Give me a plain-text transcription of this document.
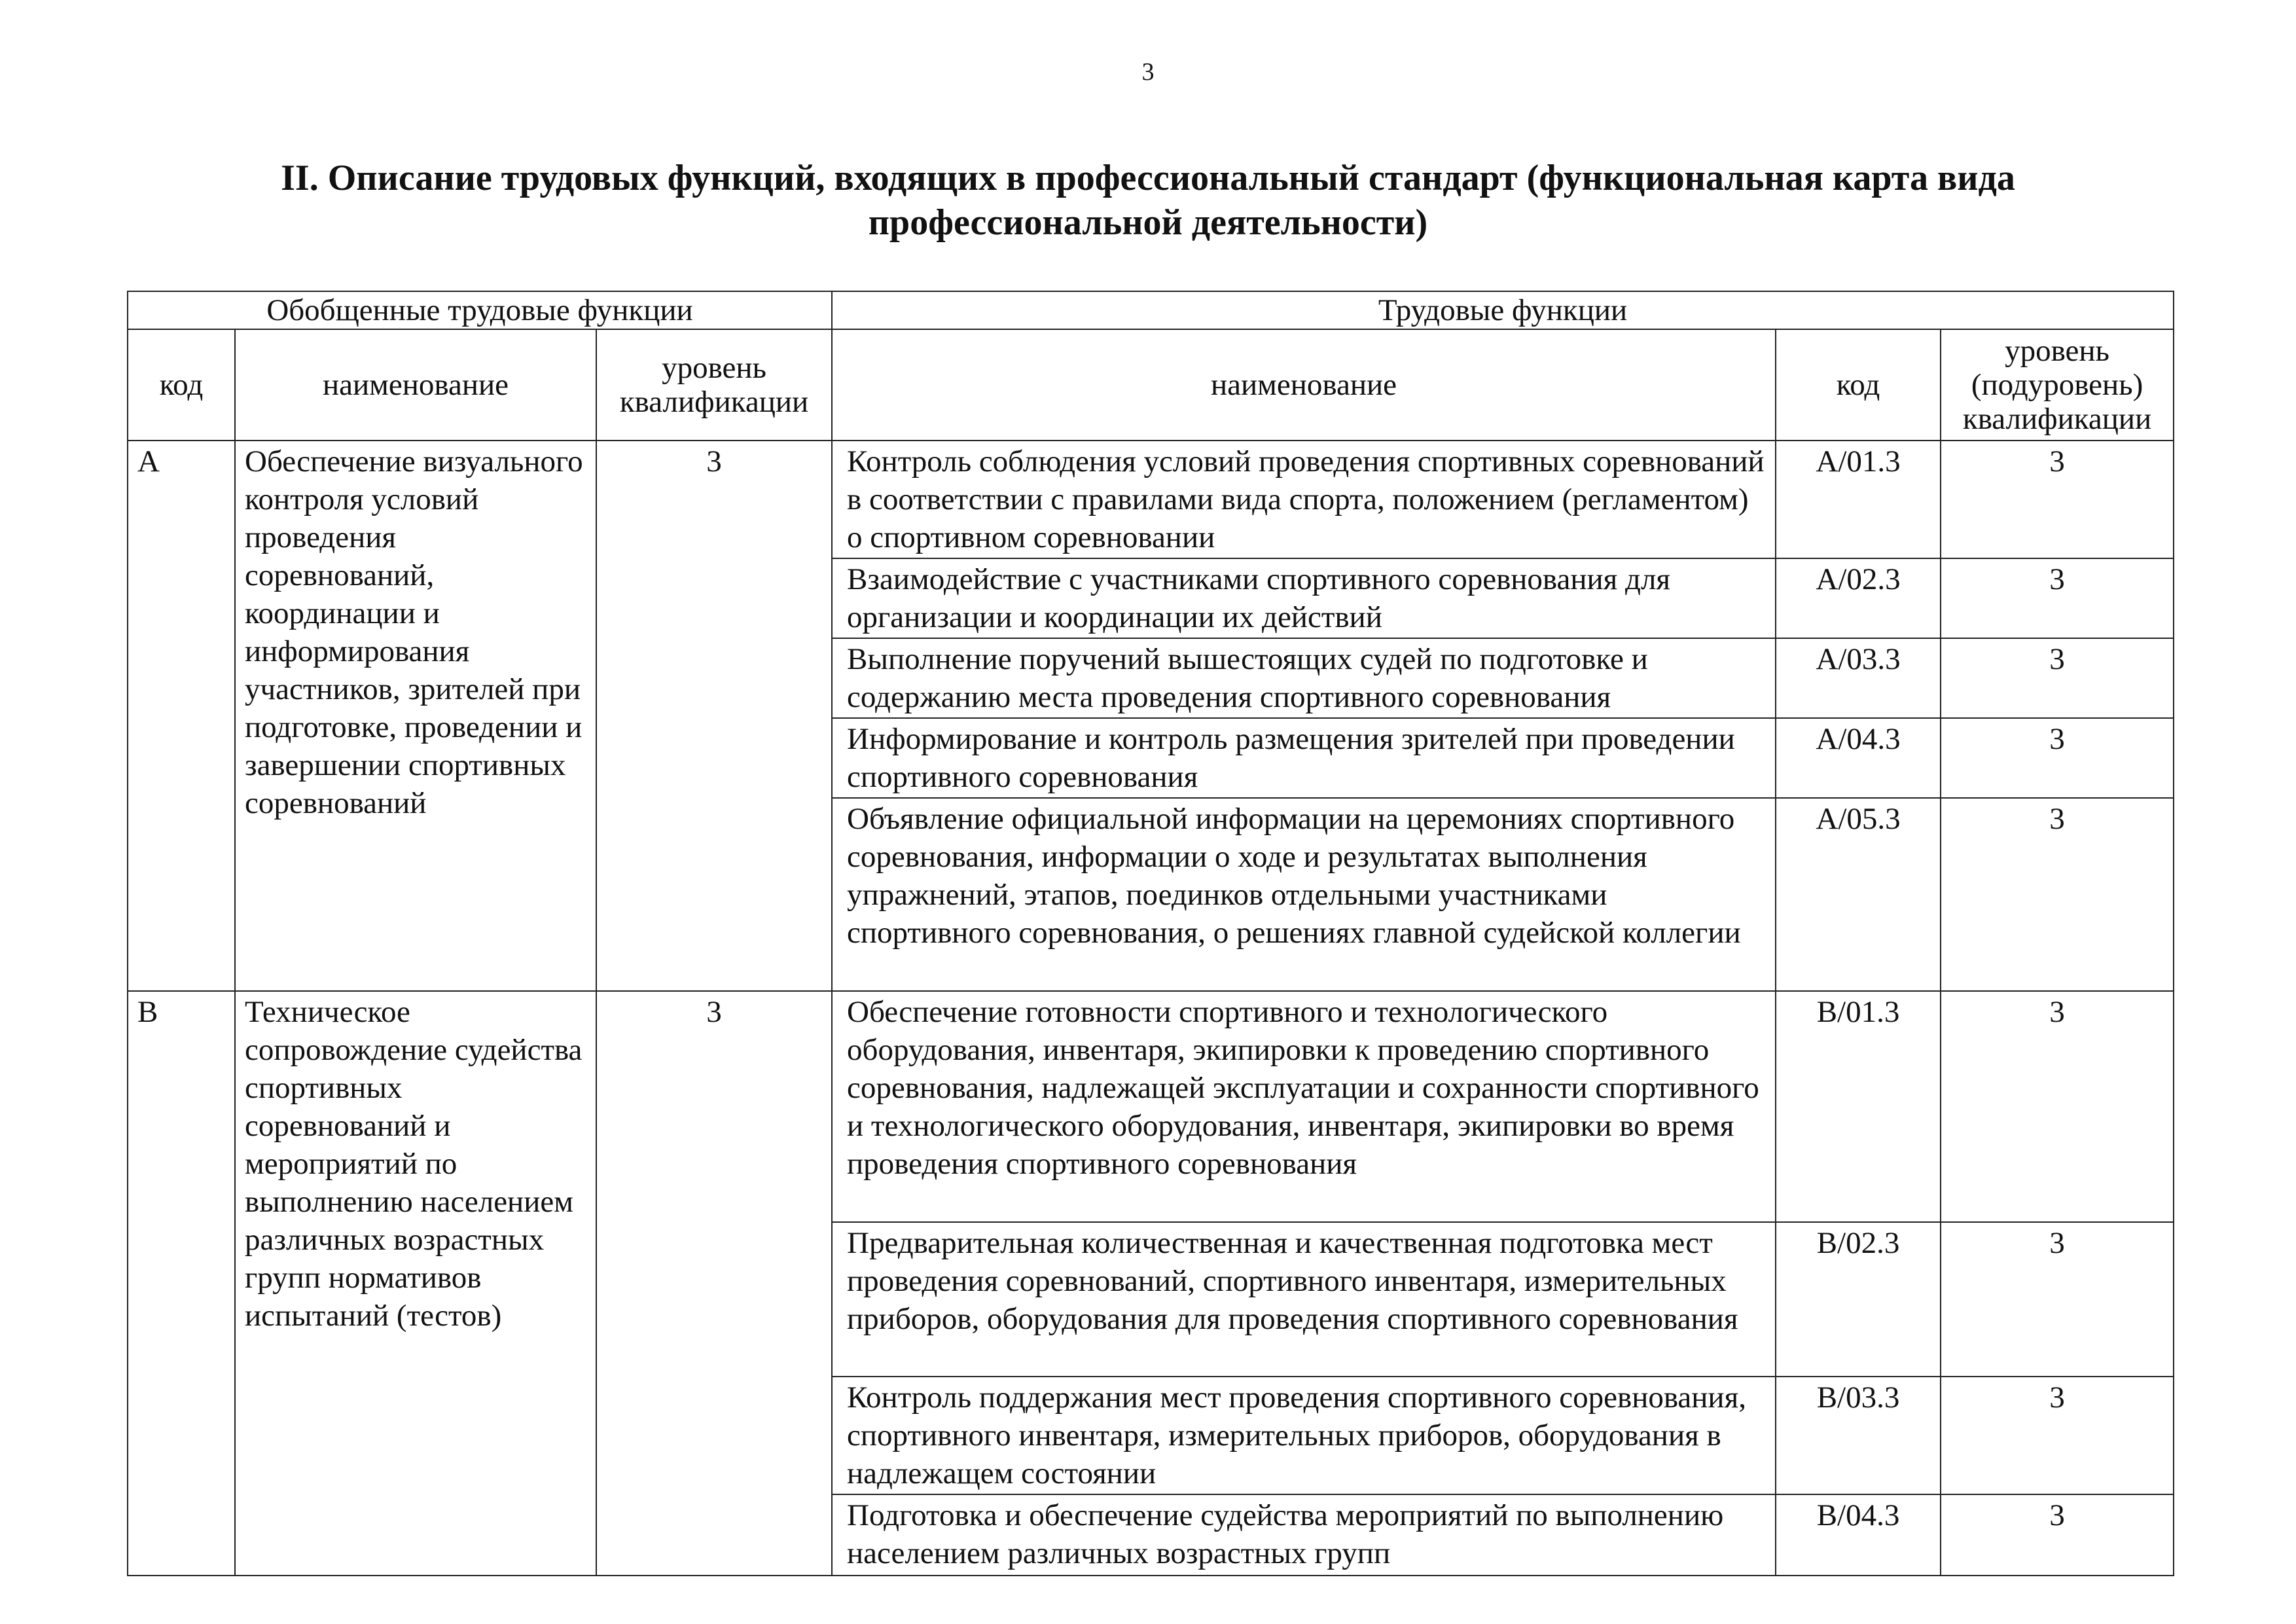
3
II. Описание трудовых функций, входящих в профессиональный стандарт (функциональная карта вида профессиональной деятельности)
Обобщенные трудовые функции			Трудовые функции		
код	наименование	уровень квалификации	наименование	код	уровень (подуровень) квалификации
A	Обеспечение визуального контроля условий проведения соревнований, координации и информирования участников, зрителей при подготовке, проведении и завершении спортивных соревнований	3	Контроль соблюдения условий проведения спортивных соревнований в соответствии с правилами вида спорта, положением (регламентом) о спортивном соревновании	A/01.3	3
			Взаимодействие с участниками спортивного соревнования для организации и координации их действий	A/02.3	3
			Выполнение поручений вышестоящих судей по подготовке и содержанию места проведения спортивного соревнования	A/03.3	3
			Информирование и контроль размещения зрителей при проведении спортивного соревнования	A/04.3	3
			Объявление официальной информации на церемониях спортивного соревнования, информации о ходе и результатах выполнения упражнений, этапов, поединков отдельными участниками спортивного соревнования, о решениях главной судейской коллегии	A/05.3	3
B	Техническое сопровождение судейства спортивных соревнований и мероприятий по выполнению населением различных возрастных групп нормативов испытаний (тестов)	3	Обеспечение готовности спортивного и технологического оборудования, инвентаря, экипировки к проведению спортивного соревнования, надлежащей эксплуатации и сохранности спортивного и технологического оборудования, инвентаря, экипировки во время проведения спортивного соревнования	B/01.3	3
			Предварительная количественная и качественная подготовка мест проведения соревнований, спортивного инвентаря, измерительных приборов, оборудования для проведения спортивного соревнования	B/02.3	3
			Контроль поддержания мест проведения спортивного соревнования, спортивного инвентаря, измерительных приборов, оборудования в надлежащем состоянии	B/03.3	3
			Подготовка и обеспечение судейства мероприятий по выполнению населением различных возрастных групп	B/04.3	3
